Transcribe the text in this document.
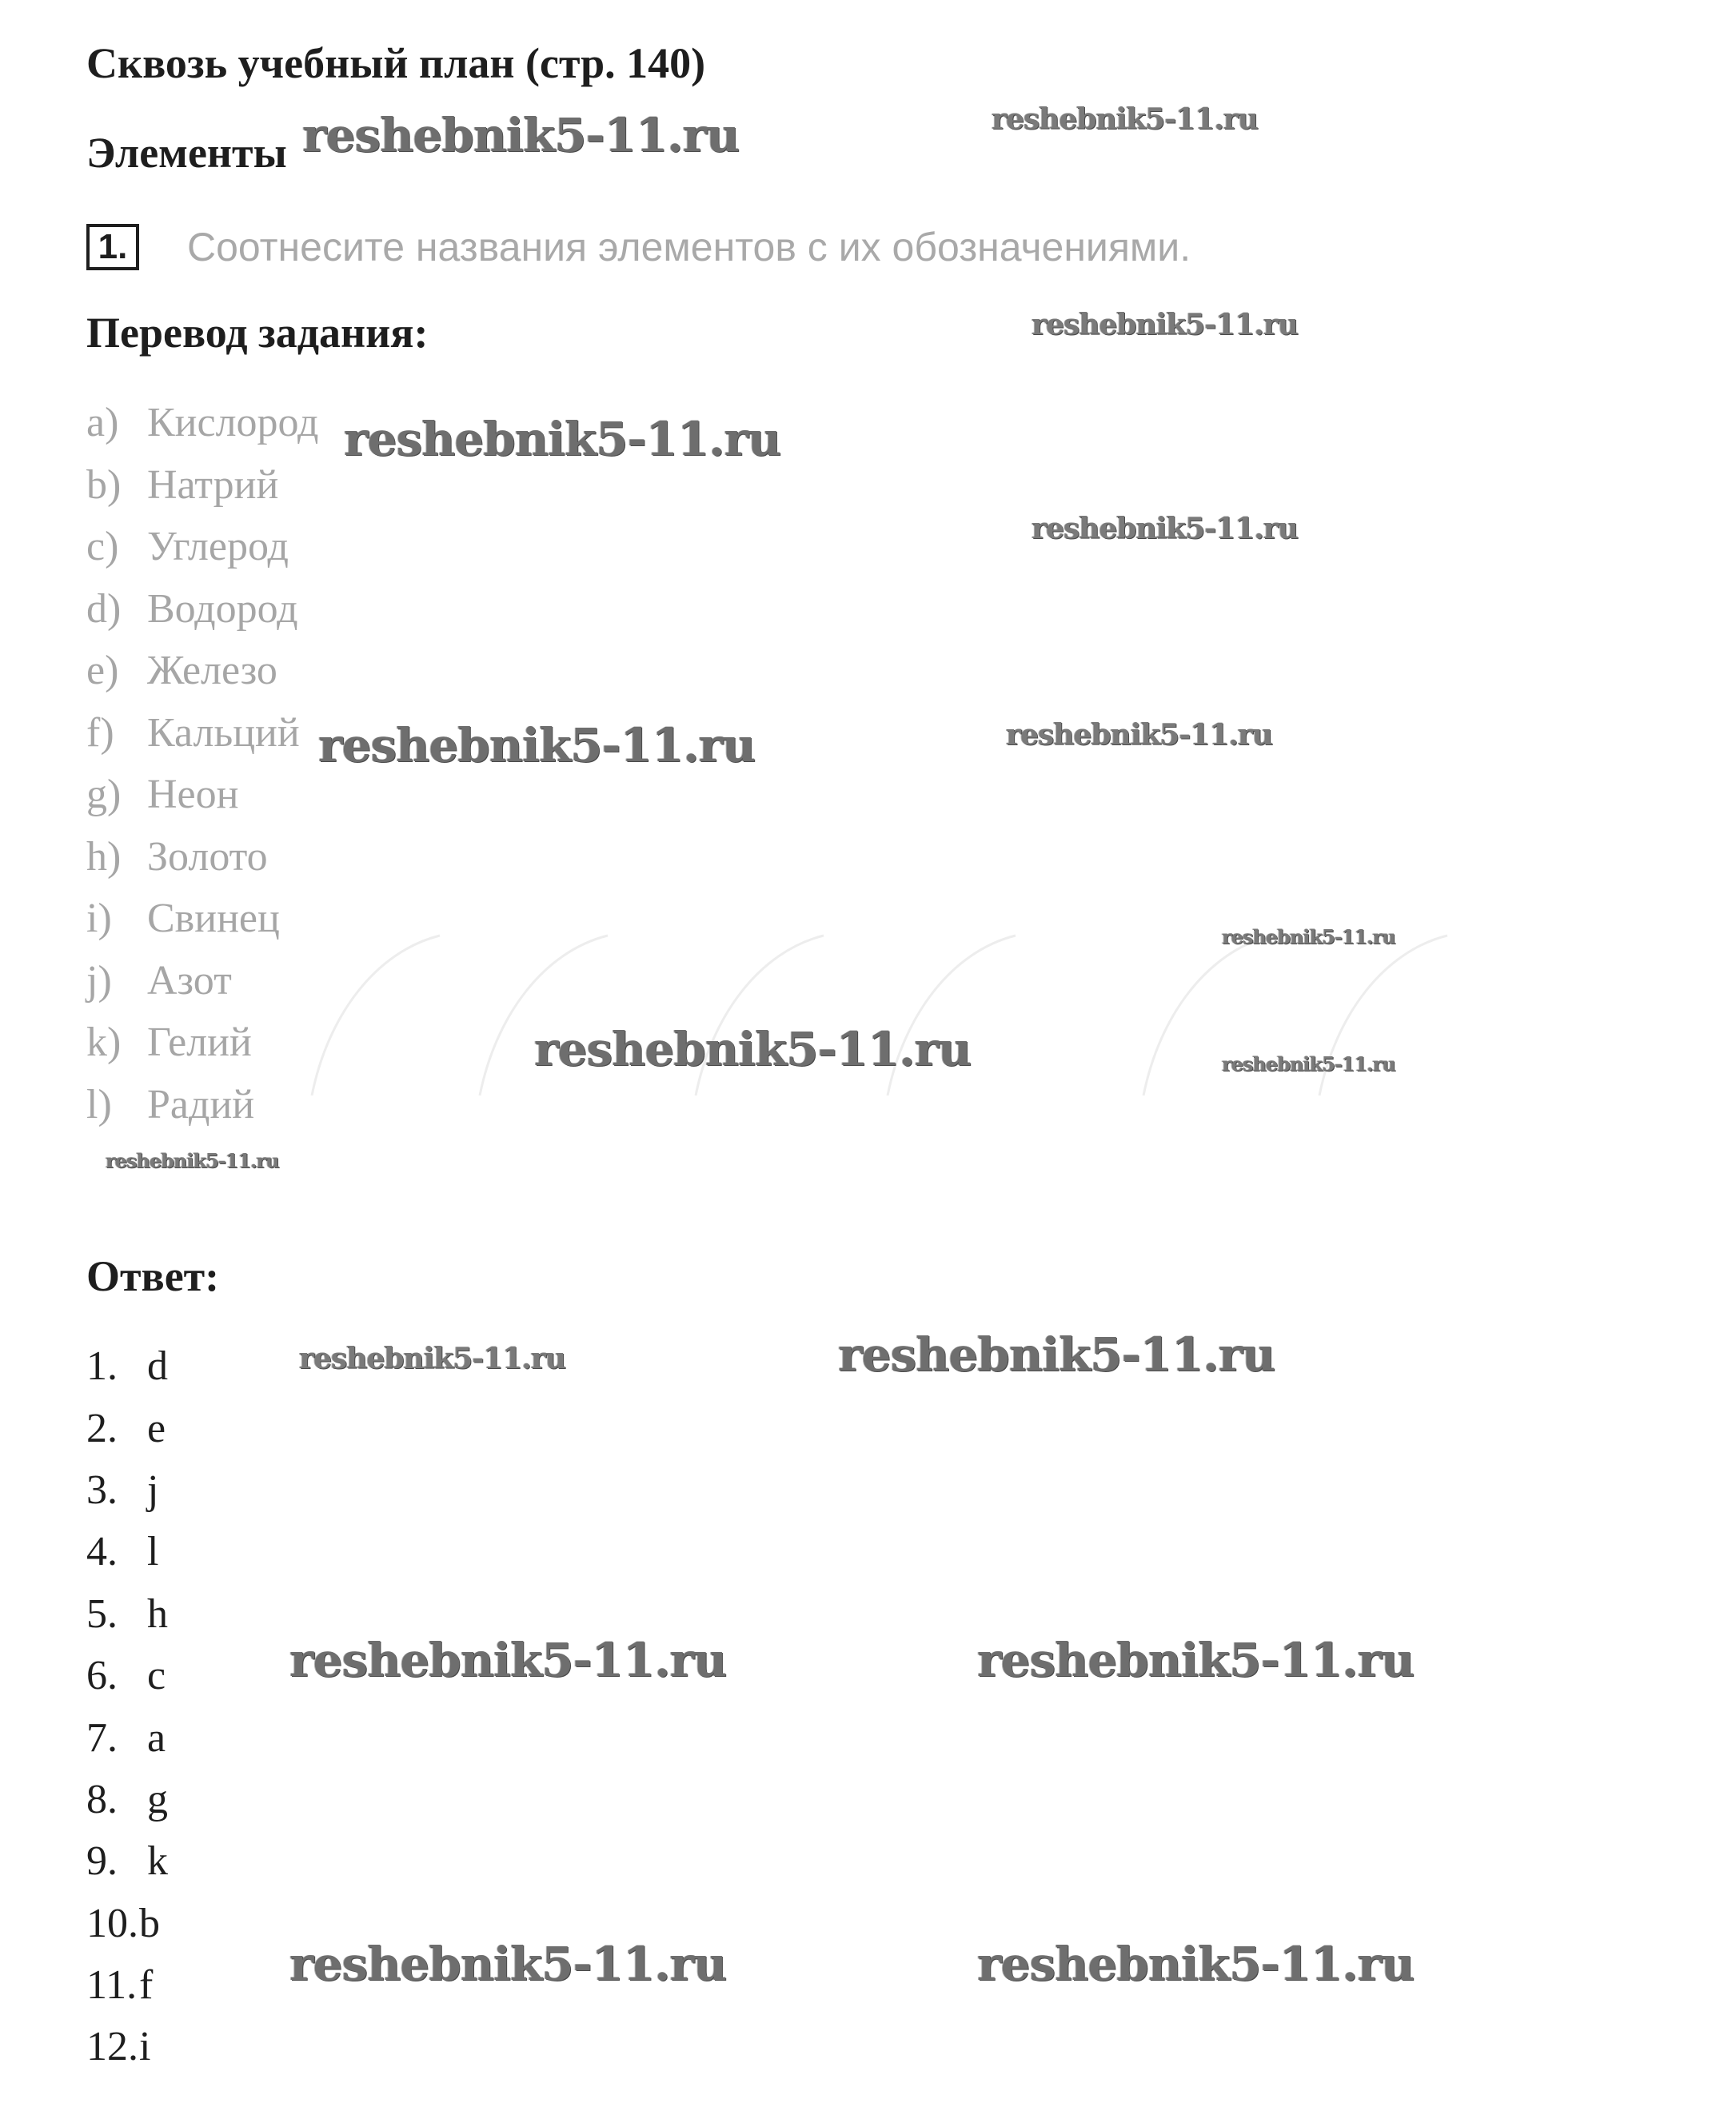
Сквозь учебный план (стр. 140)
Элементы
1. Соотнесите названия элементов с их обозначениями.
Перевод задания:
a) Кислород
b) Натрий
c) Углерод
d) Водород
e) Железо
f) Кальций
g) Неон
h) Золото
i) Свинец
j) Азот
k) Гелий
l) Радий
Ответ:
1. d
2. e
3. j
4. l
5. h
6. c
7. a
8. g
9. k
10. b
11. f
12. i
reshebnik5-11.ru	reshebnik5-11.ru
reshebnik5-11.ru
reshebnik5-11.ru
reshebnik5-11.ru
reshebnik5-11.ru	reshebnik5-11.ru
reshebnik5-11.ru
reshebnik5-11.ru	reshebnik5-11.ru
reshebnik5-11.ru
reshebnik5-11.ru	reshebnik5-11.ru
reshebnik5-11.ru	reshebnik5-11.ru
reshebnik5-11.ru	reshebnik5-11.ru
